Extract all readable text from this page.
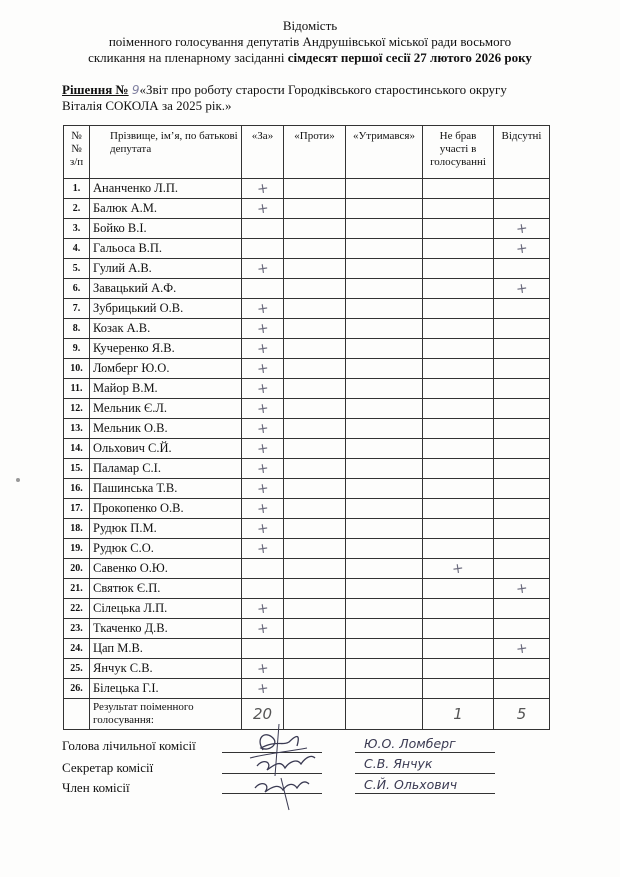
Відомість
поіменного голосування депутатів Андрушівської міської ради восьмого
скликання на пленарному засіданні сімдесят першої сесії 27 лютого 2026 року
Рішення № 9«Звіт про роботу старости Городківського старостинського округу
Віталія СОКОЛА за 2025 рік.»
№№ з/п	Прізвище, ім’я, по батькові депутата	«За»	«Проти»	«Утримався»	Не брав участі в голосуванні	Відсутні
1.	Ананченко Л.П.	+				
2.	Балюк А.М.	+				
3.	Бойко В.І.					+
4.	Гальоса В.П.					+
5.	Гулий А.В.	+				
6.	Завацький А.Ф.					+
7.	Зубрицький О.В.	+				
8.	Козак А.В.	+				
9.	Кучеренко Я.В.	+				
10.	Ломберг Ю.О.	+				
11.	Майор В.М.	+				
12.	Мельник Є.Л.	+				
13.	Мельник О.В.	+				
14.	Ольхович С.Й.	+				
15.	Паламар С.І.	+				
16.	Пашинська Т.В.	+				
17.	Прокопенко О.В.	+				
18.	Рудюк П.М.	+				
19.	Рудюк С.О.	+				
20.	Савенко О.Ю.				+	
21.	Святюк Є.П.					+
22.	Сілецька Л.П.	+				
23.	Ткаченко Д.В.	+				
24.	Цап М.В.					+
25.	Янчук С.В.	+				
26.	Білецька Г.І.	+				
	Результат поіменного голосування:	20			1	5
Голова лічильної комісії
Секретар комісії
Член комісії
Ю.О. Ломберг
С.В. Янчук
С.Й. Ольхович
